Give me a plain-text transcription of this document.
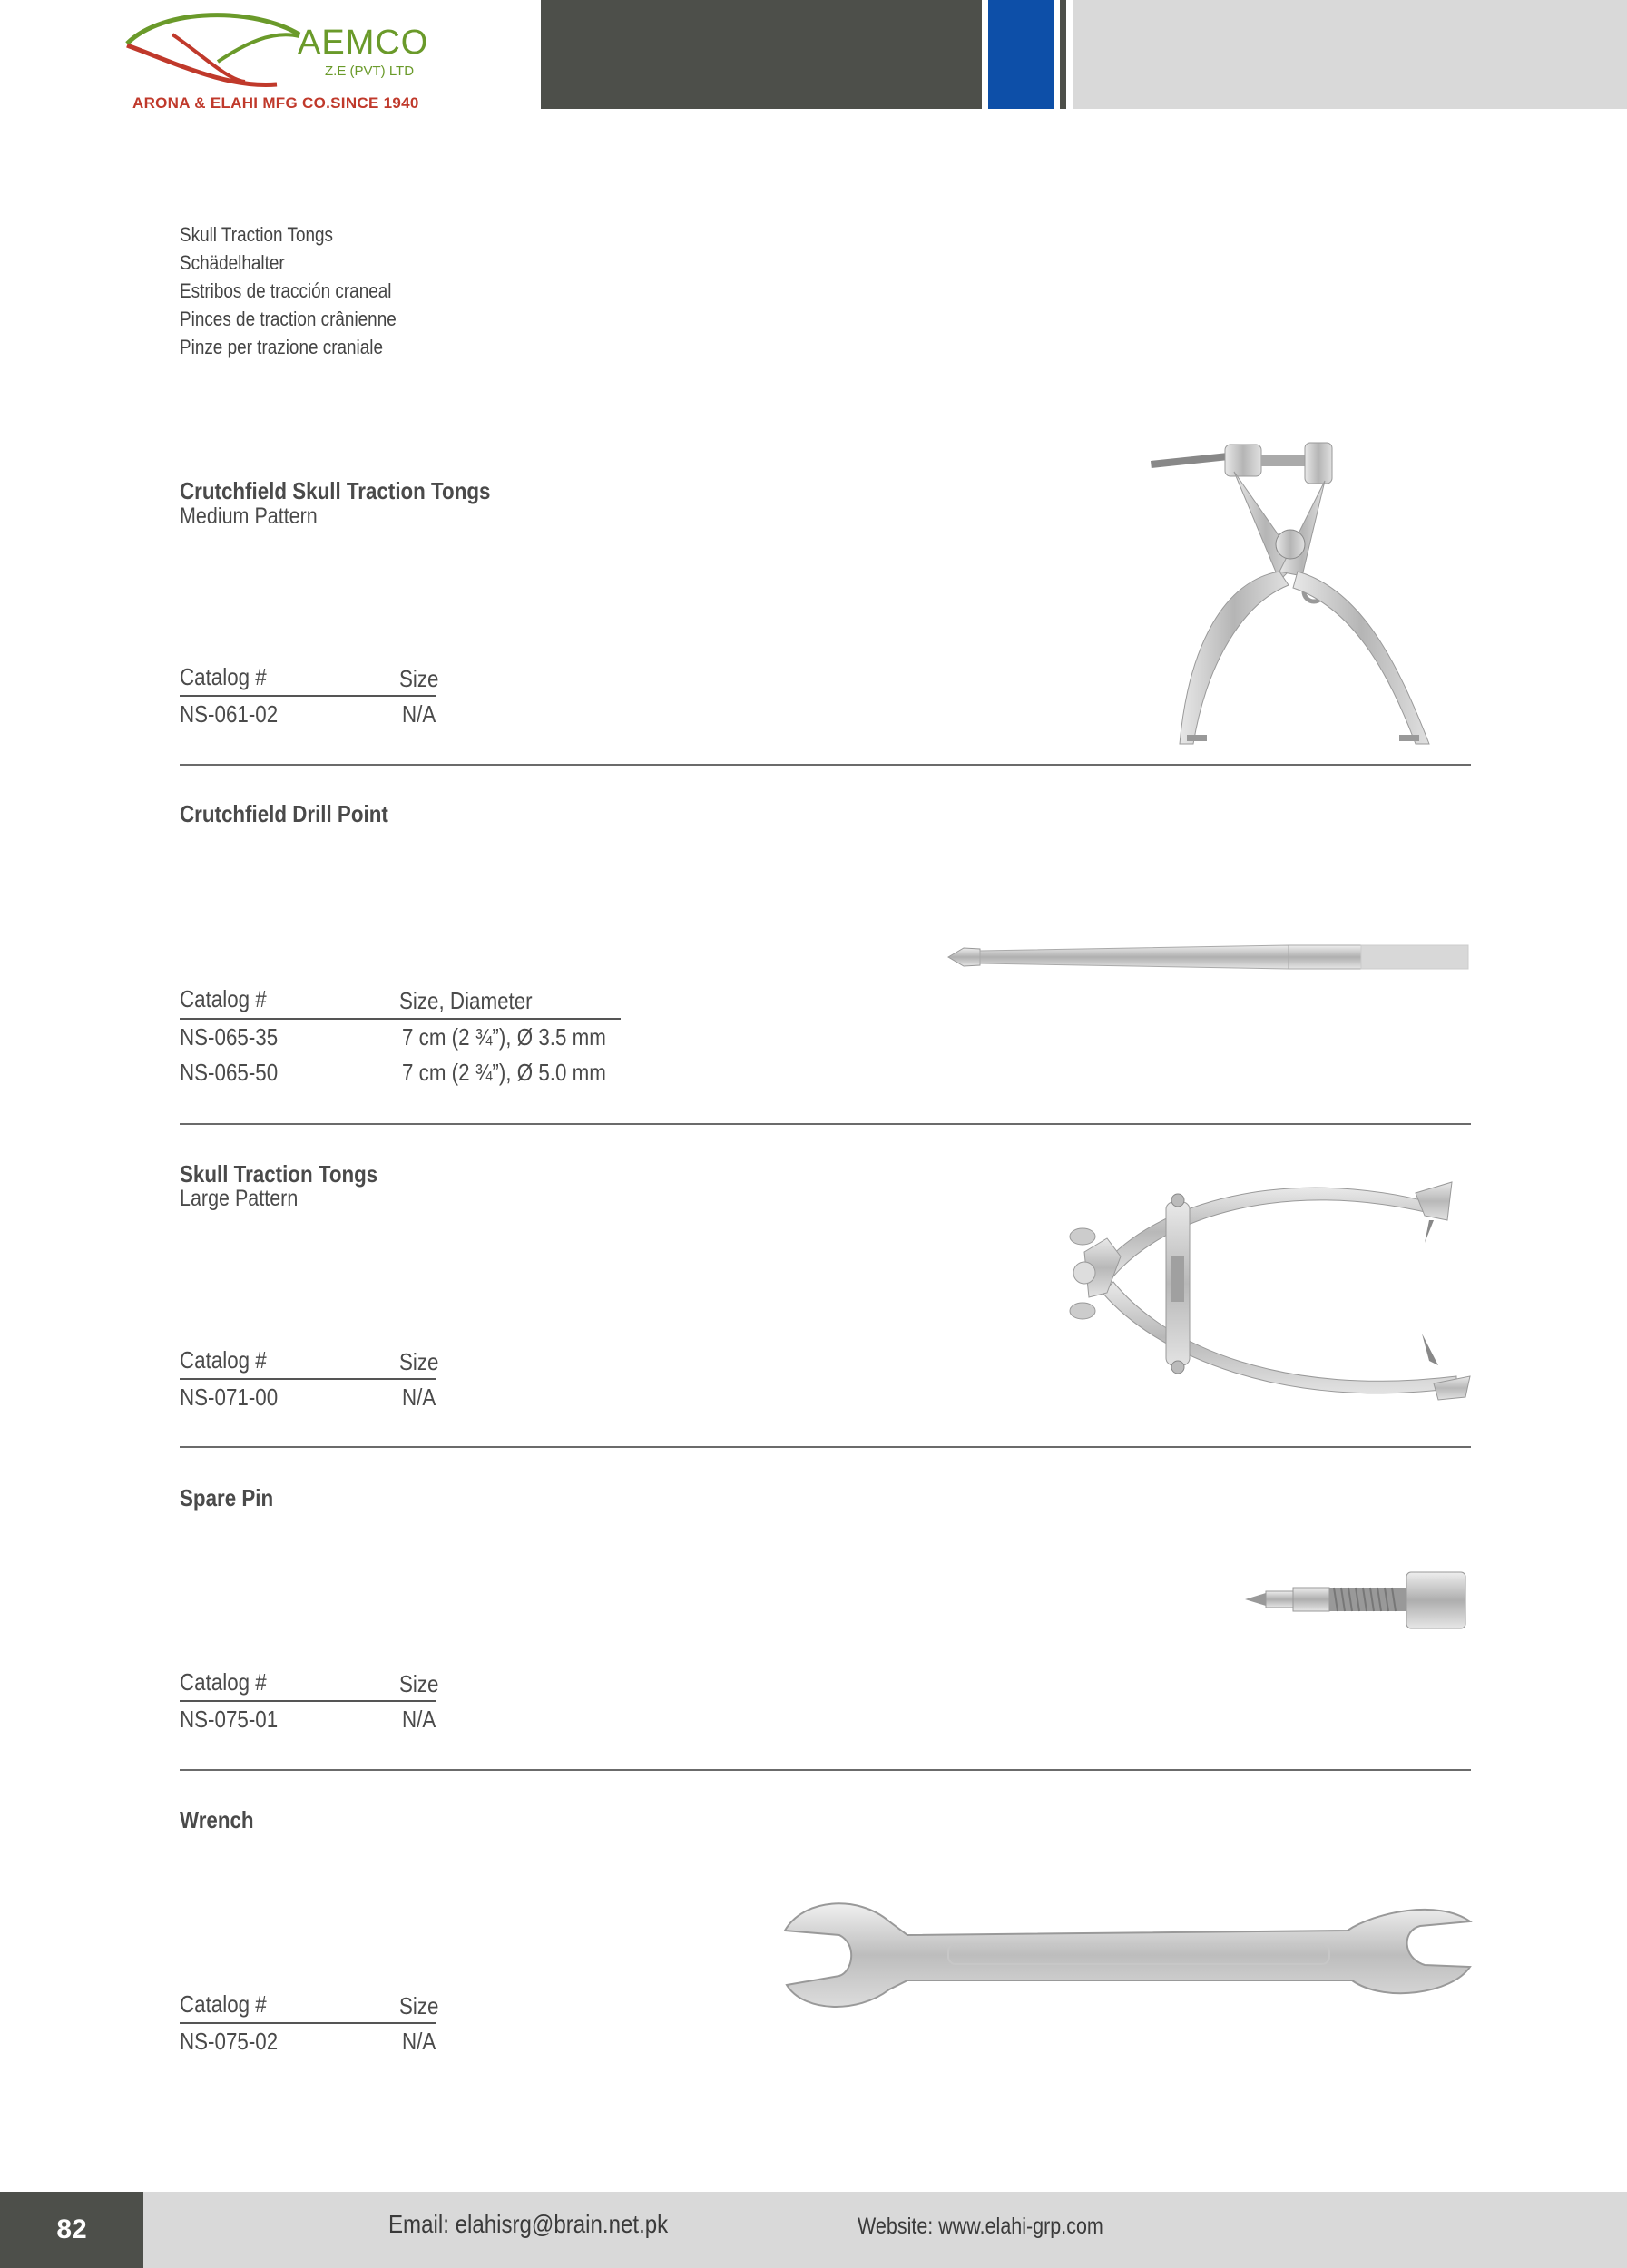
AEMCO
Z.E (PVT) LTD
ARONA & ELAHI MFG CO.SINCE 1940
Skull Traction Tongs
Schädelhalter
Estribos de tracción craneal
Pinces de traction crânienne
Pinze per trazione craniale
Crutchfield Skull Traction Tongs
Medium Pattern
Catalog #	Size
NS-061-02	N/A
Crutchfield Drill Point
Catalog #	Size, Diameter
NS-065-35	7 cm (2 ¾”), Ø 3.5 mm
NS-065-50	7 cm (2 ¾”), Ø 5.0 mm
Skull Traction Tongs
Large Pattern
Catalog #	Size
NS-071-00	N/A
Spare Pin
Catalog #	Size
NS-075-01	N/A
Wrench
Catalog #	Size
NS-075-02	N/A
82	Email: elahisrg@brain.net.pk	Website: www.elahi-grp.com
